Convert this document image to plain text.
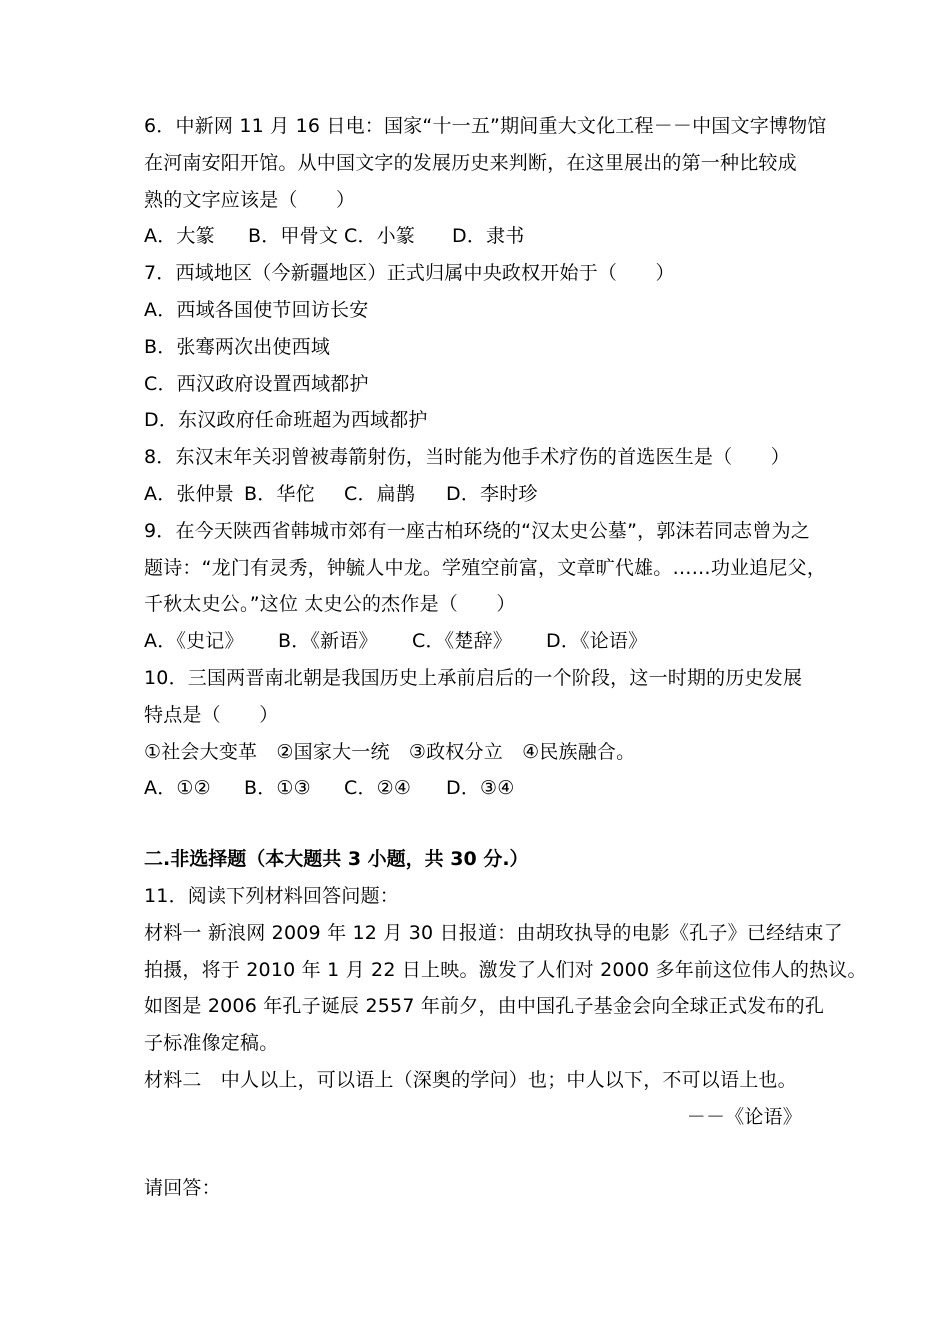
6．中新网 11 月 16 日电：国家“十一五”期间重大文化工程－－中国文字博物馆
在河南安阳开馆。从中国文字的发展历史来判断，在这里展出的第一种比较成
熟的文字应该是（　　）
A．大篆 B．甲骨文 C．小篆 D．隶书
7．西域地区（今新疆地区）正式归属中央政权开始于（　　）
A．西域各国使节回访长安
B．张骞两次出使西域
C．西汉政府设置西域都护
D．东汉政府任命班超为西域都护
8．东汉末年关羽曾被毒箭射伤，当时能为他手术疗伤的首选医生是（　　）
A．张仲景 B．华佗 C．扁鹊 D．李时珍
9．在今天陕西省韩城市郊有一座古柏环绕的“汉太史公墓”，郭沫若同志曾为之
题诗：“龙门有灵秀，钟毓人中龙。学殖空前富，文章旷代雄。……功业追尼父，
千秋太史公。”这位 太史公的杰作是（　　）
A．《史记》 B．《新语》 C．《楚辞》 D．《论语》
10．三国两晋南北朝是我国历史上承前启后的一个阶段，这一时期的历史发展
特点是（　　）
①社会大变革　②国家大一统　③政权分立　④民族融合。
A．①② B．①③ C．②④ D．③④
二.非选择题（本大题共 3 小题，共 30 分.）
11．阅读下列材料回答问题：
材料一 新浪网 2009 年 12 月 30 日报道：由胡玫执导的电影《孔子》已经结束了
拍摄，将于 2010 年 1 月 22 日上映。激发了人们对 2000 多年前这位伟人的热议。
如图是 2006 年孔子诞辰 2557 年前夕，由中国孔子基金会向全球正式发布的孔
子标准像定稿。
材料二　中人以上，可以语上（深奥的学问）也；中人以下，不可以语上也。
－－《论语》
请回答：
